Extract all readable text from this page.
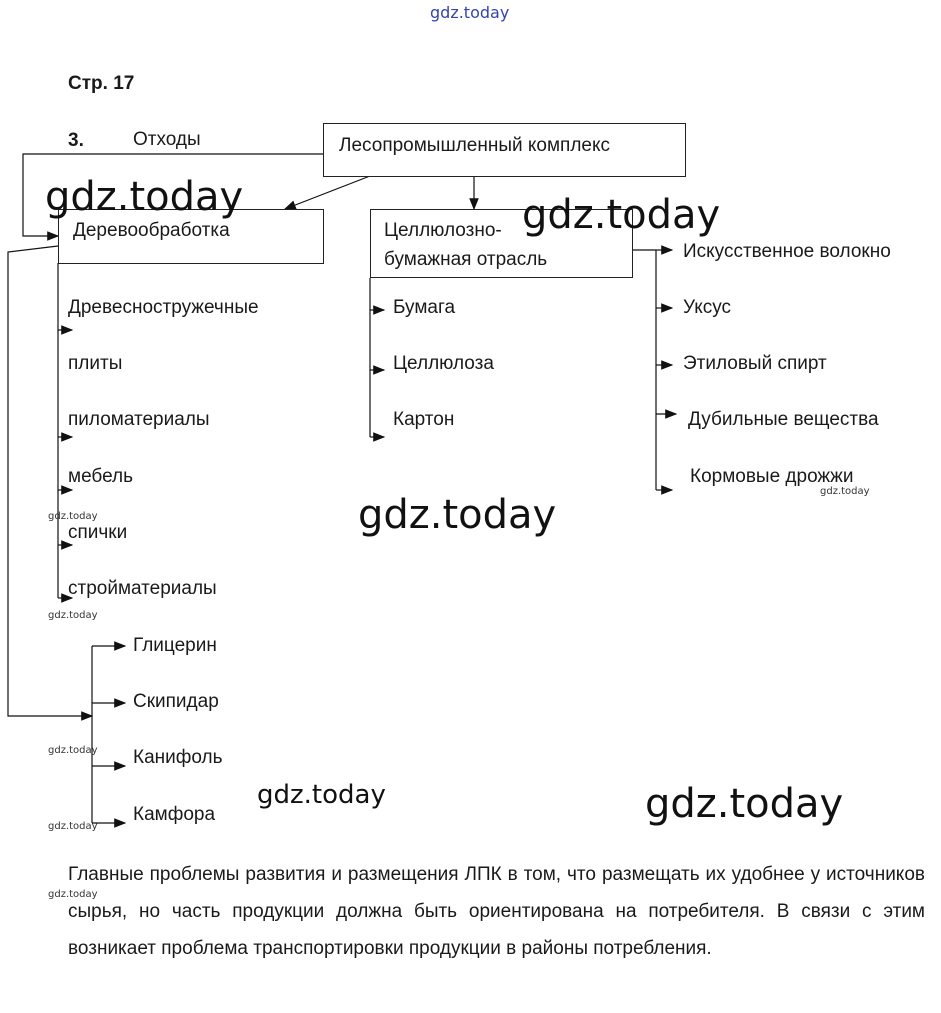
gdz.today
Стр. 17
3.	Отходы	Лесопромышленный комплекс
Деревообработка	Целлюлозно-
бумажная отрасль
Древесностружечные
плиты
пиломатериалы
мебель
спички
стройматериалы
Бумага
Целлюлоза
Картон
Искусственное волокно
Уксус
Этиловый спирт
Дубильные вещества
Кормовые дрожжи
Глицерин
Скипидар
Канифоль
Камфора
Главные проблемы развития и размещения ЛПК в том, что размещать их удобнее у источников сырья, но часть продукции должна быть ориентирована на потребителя. В связи с этим возникает проблема транспортировки продукции в районы потребления.
gdz.today	gdz.today
gdz.today
gdz.today
gdz.today
gdz.today
gdz.today
gdz.today
gdz.today
gdz.today
gdz.today
